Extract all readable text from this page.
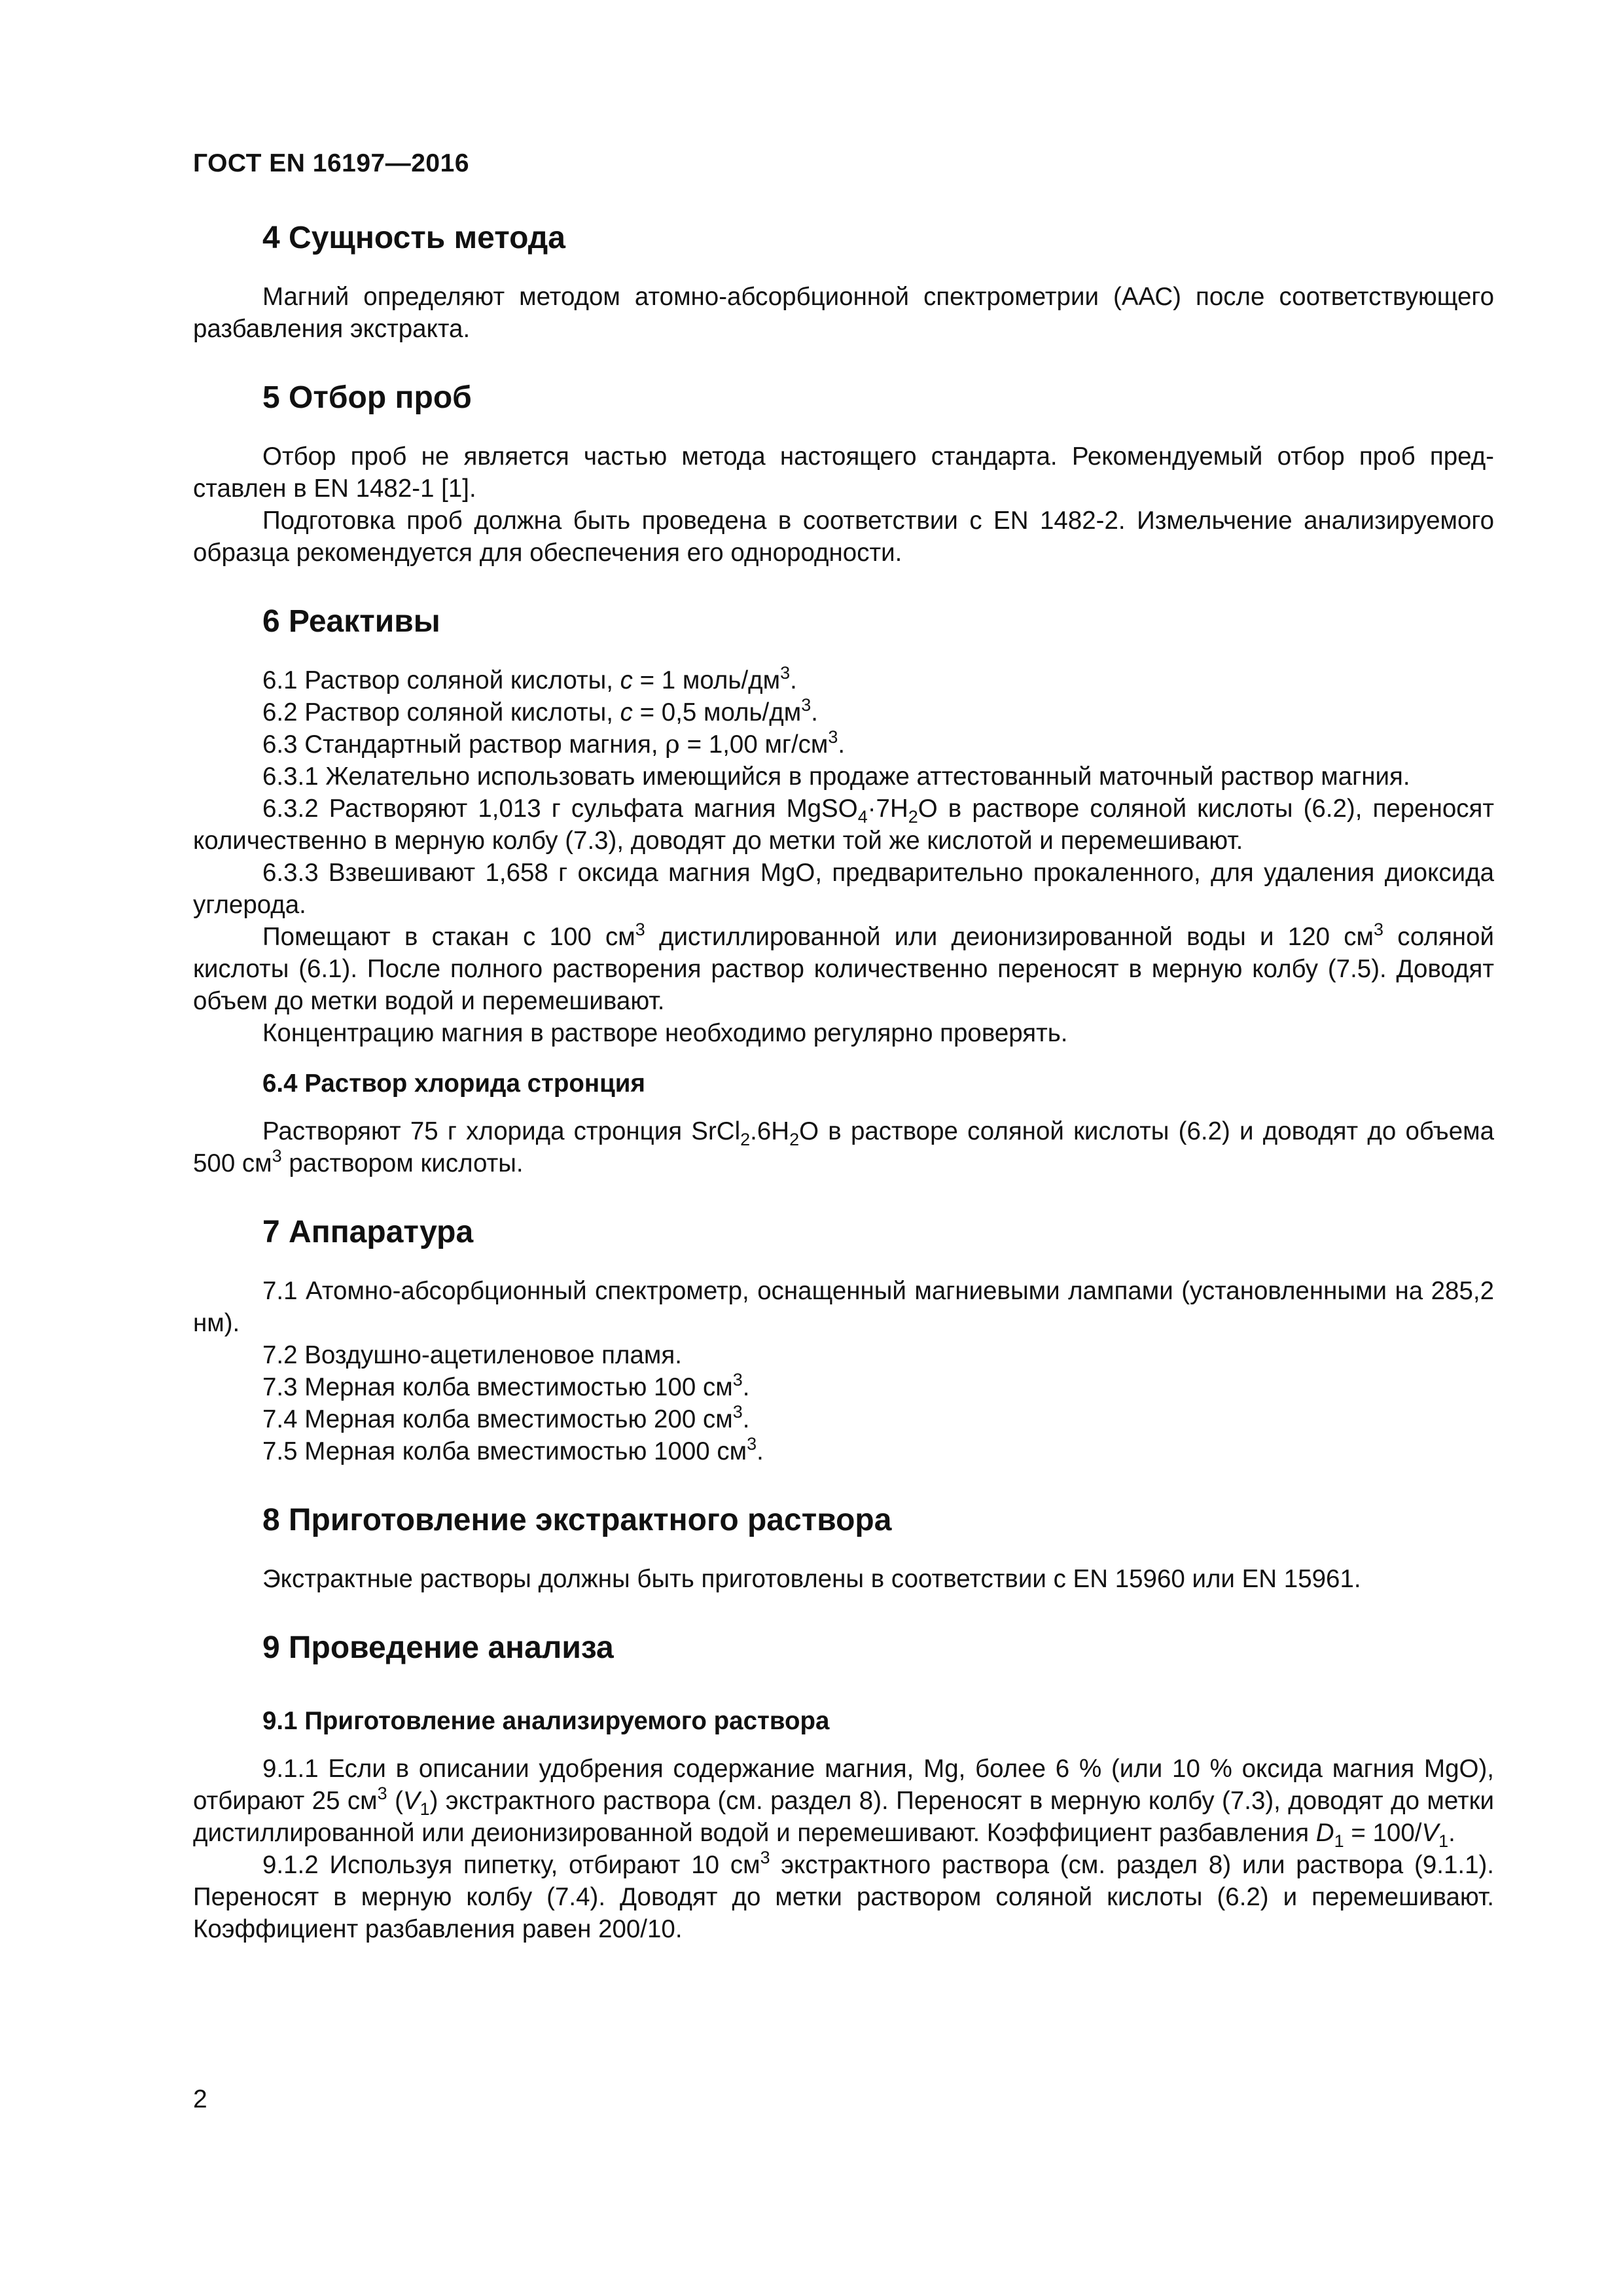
ГОСТ EN 16197—2016
4 Сущность метода

Магний определяют методом атомно-абсорбционной спектрометрии (ААС) после соответствующего разбавления экстракта.

5 Отбор проб

Отбор проб не является частью метода настоящего стандарта. Рекомендуемый отбор проб представлен в EN 1482-1 [1].

Подготовка проб должна быть проведена в соответствии с EN 1482-2. Измельчение анализируемого образца рекомендуется для обеспечения его однородности.

6 Реактивы

6.1 Раствор соляной кислоты, с = 1 моль/$дм^3$.

6.2 Раствор соляной кислоты, с = 0,5 моль/$дм^3$.

6.3 Стандартный раствор магния, ρ = 1,00 $мг/см^3$.

6.3.1 Желательно использовать имеющийся в продаже аттестованный маточный раствор магния.

6.3.2 Растворяют 1,013 г сульфата магния $MgSO_4\cdot 7H_2O$ в растворе соляной кислоты (6.2), переносят количественно в мерную колбу (7.3), доводят до метки той же кислотой и перемешивают.

6.3.3 Взвешивают 1,658 г оксида магния MgO, предварительно прокаленного, для удаления диоксида углерода.

Помещают в стакан с 100 $см^3$ дистиллированной или деионизированной воды и 120 $см^3$ соляной кислоты (6.1). После полного растворения раствор количественно переносят в мерную колбу (7.5). Доводят объем до метки водой и перемешивают.

Концентрацию магния в растворе необходимо регулярно проверять.

6.4 Раствор хлорида стронция

Растворяют 75 г хлорида стронция $SrCl_2.6H_2O$ в растворе соляной кислоты (6.2) и доводят до объема 500 $см^3$ раствором кислоты.

7 Аппаратура

7.1 Атомно-абсорбционный спектрометр, оснащенный магниевыми лампами (установленными на 285,2 нм).

7.2 Воздушно-ацетиленовое пламя.

7.3 Мерная колба вместимостью 100 $см^3$.

7.4 Мерная колба вместимостью 200 $см^3$.

7.5 Мерная колба вместимостью 1000 $см^3$.

8 Приготовление экстрактного раствора

Экстрактные растворы должны быть приготовлены в соответствии с EN 15960 или EN 15961.

9 Проведение анализа
9.1 Приготовление анализируемого раствора

9.1.1 Если в описании удобрения содержание магния, Mg, более 6 % (или 10 % оксида магния MgO), отбирают 25 $см^3$ $(V_1)$ экстрактного раствора (см. раздел 8). Переносят в мерную колбу (7.3), доводят до метки дистиллированной или деионизированной водой и перемешивают. Коэффициент разбавления $D_1 = 100/V_1$.

9.1.2 Используя пипетку, отбирают 10 $см^3$ экстрактного раствора (см. раздел 8) или раствора (9.1.1). Переносят в мерную колбу (7.4). Доводят до метки раствором соляной кислоты (6.2) и перемешивают. Коэффициент разбавления равен 200/10.

2
